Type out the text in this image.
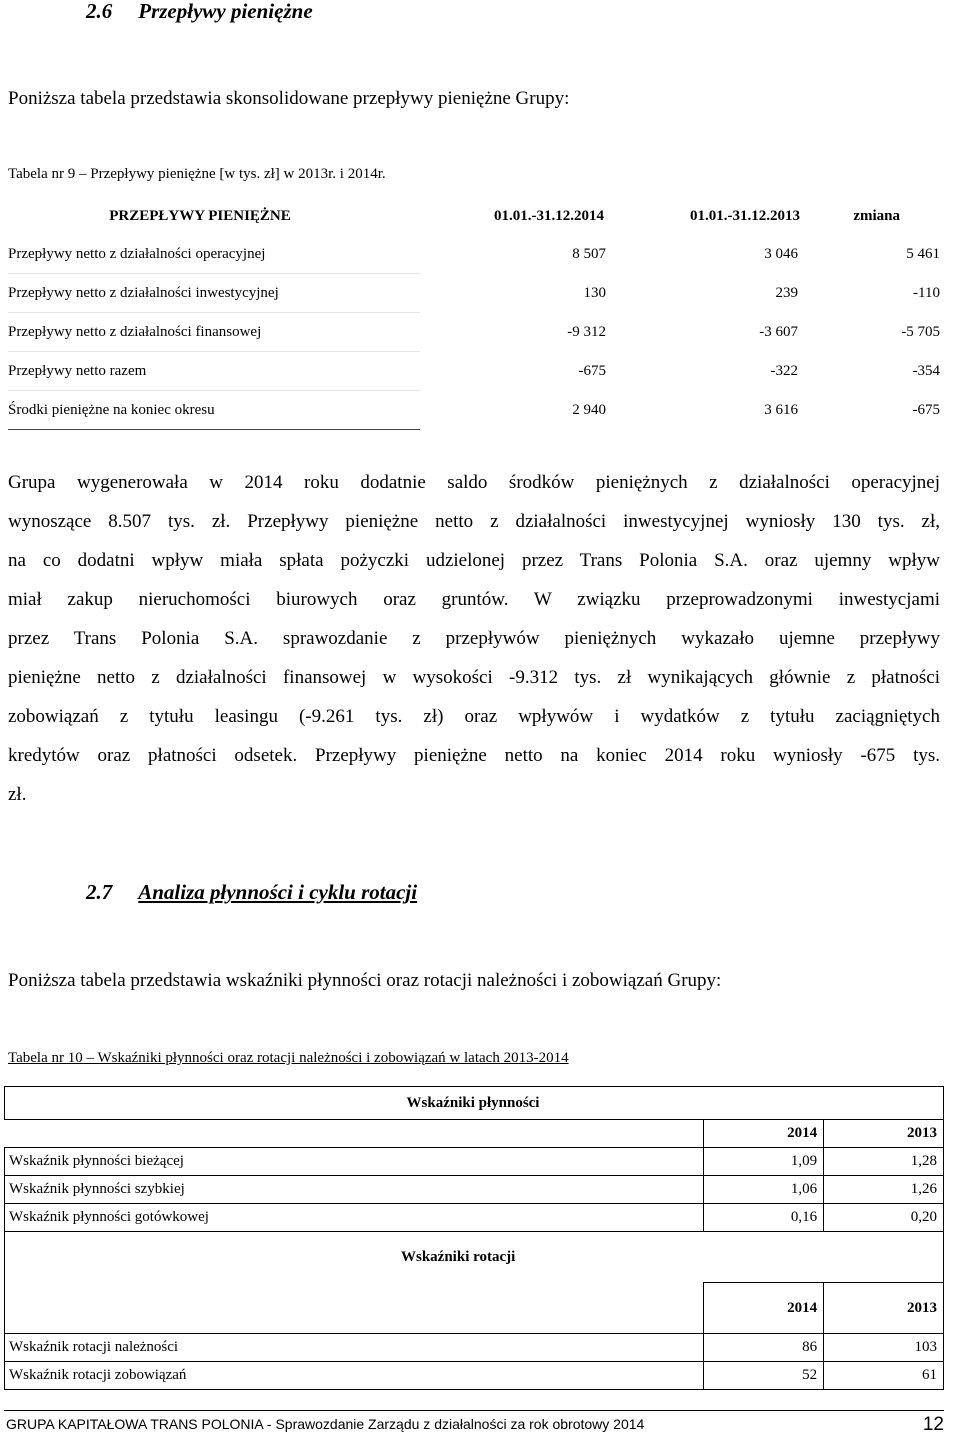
2.6 Przepływy pieniężne
Poniższa tabela przedstawia skonsolidowane przepływy pieniężne Grupy:
Tabela nr 9 – Przepływy pieniężne [w tys. zł] w 2013r. i 2014r.
PRZEPŁYWY PIENIĘŻNE	01.01.-31.12.2014	01.01.-31.12.2013	zmiana
Przepływy netto z działalności operacyjnej	8 507	3 046	5 461
Przepływy netto z działalności inwestycyjnej	130	239	-110
Przepływy netto z działalności finansowej	-9 312	-3 607	-5 705
Przepływy netto razem	-675	-322	-354
Środki pieniężne na koniec okresu	2 940	3 616	-675
Grupa wygenerowała w 2014 roku dodatnie saldo środków pieniężnych z działalności operacyjnej
wynoszące 8.507 tys. zł. Przepływy pieniężne netto z działalności inwestycyjnej wyniosły 130 tys. zł,
na co dodatni wpływ miała spłata pożyczki udzielonej przez Trans Polonia S.A. oraz ujemny wpływ
miał zakup nieruchomości biurowych oraz gruntów. W związku przeprowadzonymi inwestycjami
przez Trans Polonia S.A. sprawozdanie z przepływów pieniężnych wykazało ujemne przepływy
pieniężne netto z działalności finansowej w wysokości -9.312 tys. zł wynikających głównie z płatności
zobowiązań z tytułu leasingu (-9.261 tys. zł) oraz wpływów i wydatków z tytułu zaciągniętych
kredytów oraz płatności odsetek. Przepływy pieniężne netto na koniec 2014 roku wyniosły -675 tys.
zł.
2.7 Analiza płynności i cyklu rotacji
Poniższa tabela przedstawia wskaźniki płynności oraz rotacji należności i zobowiązań Grupy:
Tabela nr 10 – Wskaźniki płynności oraz rotacji należności i zobowiązań w latach 2013-2014
Wskaźniki płynności		
	2014	2013
Wskaźnik płynności bieżącej	1,09	1,28
Wskaźnik płynności szybkiej	1,06	1,26
Wskaźnik płynności gotówkowej	0,16	0,20
Wskaźniki rotacji		
	2014	2013
Wskaźnik rotacji należności	86	103
Wskaźnik rotacji zobowiązań	52	61
GRUPA KAPITAŁOWA TRANS POLONIA - Sprawozdanie Zarządu z działalności za rok obrotowy 2014	12
